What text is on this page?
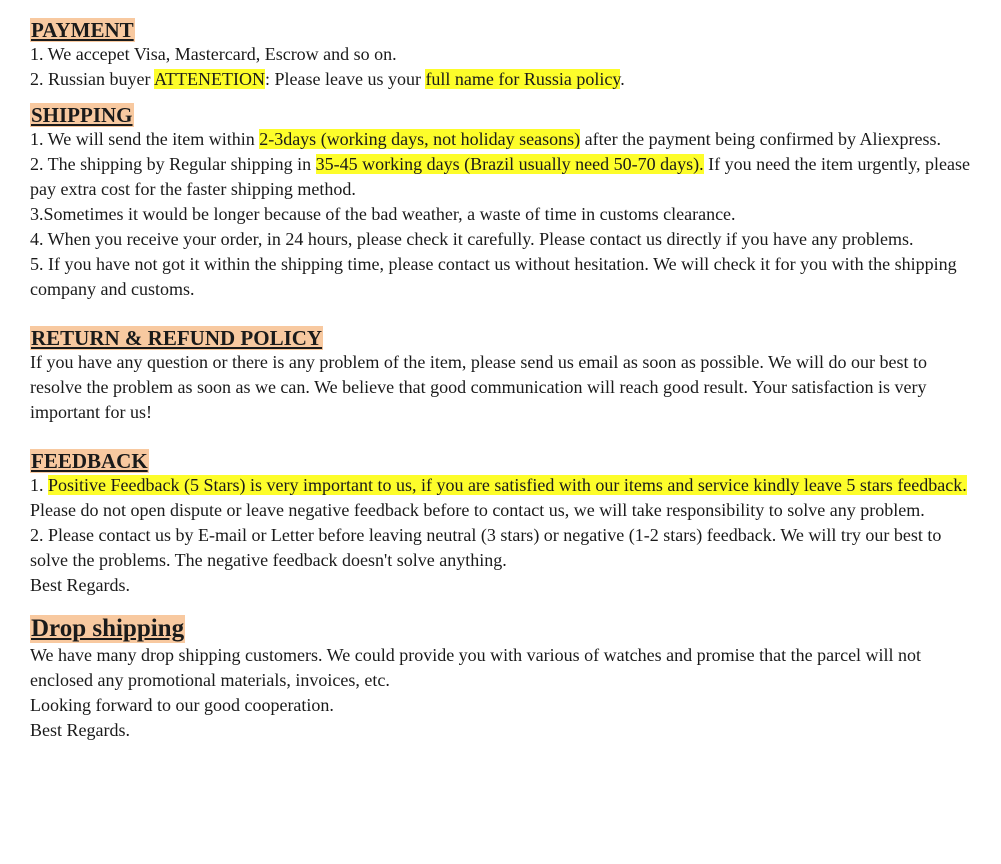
PAYMENT

1. We accepet Visa, Mastercard, Escrow and so on.

2. Russian buyer ATTENETION: Please leave us your full name for Russia policy.

SHIPPING

1. We will send the item within 2-3days (working days, not holiday seasons) after the payment being confirmed by Aliexpress.

2. The shipping by Regular shipping in 35-45 working days (Brazil usually need 50-70 days). If you need the item urgently, please pay extra cost for the faster shipping method.

3.Sometimes it would be longer because of the bad weather, a waste of time in customs clearance.

4. When you receive your order, in 24 hours, please check it carefully. Please contact us directly if you have any problems.

5. If you have not got it within the shipping time, please contact us without hesitation. We will check it for you with the shipping company and customs.

RETURN & REFUND POLICY

If you have any question or there is any problem of the item, please send us email as soon as possible. We will do our best to resolve the problem as soon as we can. We believe that good communication will reach good result. Your satisfaction is very important for us!

FEEDBACK

1. Positive Feedback (5 Stars) is very important to us, if you are satisfied with our items and service kindly leave 5 stars feedback. Please do not open dispute or leave negative feedback before to contact us, we will take responsibility to solve any problem.

2. Please contact us by E-mail or Letter before leaving neutral (3 stars) or negative (1-2 stars) feedback. We will try our best to solve the problems. The negative feedback doesn't solve anything.

Best Regards.

Drop shipping

We have many drop shipping customers. We could provide you with various of watches and promise that the parcel will not enclosed any promotional materials, invoices, etc.

Looking forward to our good cooperation.

Best Regards.
